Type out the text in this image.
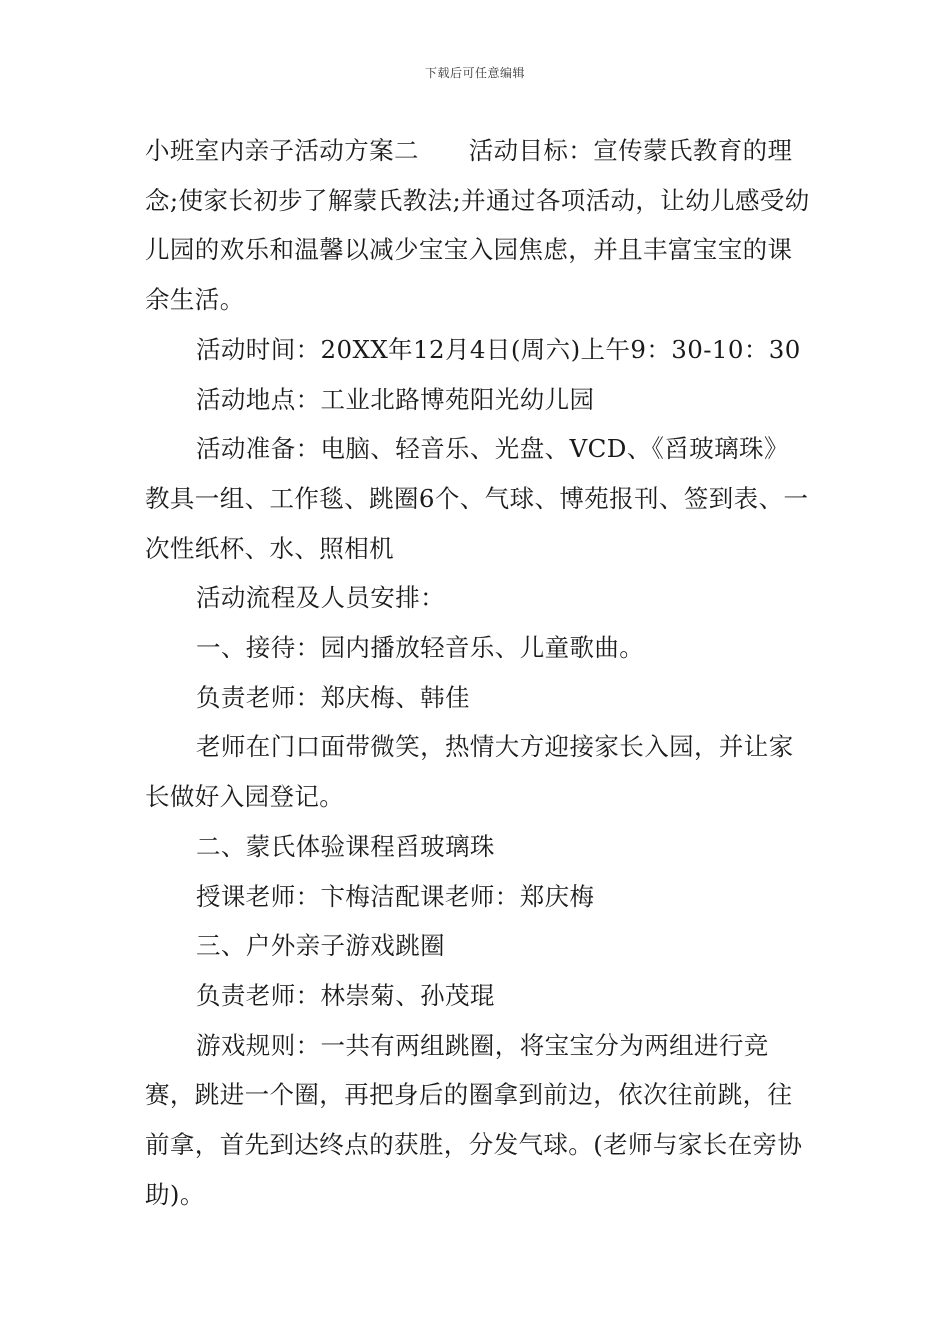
下载后可任意编辑

小班室内亲子活动方案二　　活动目标：宣传蒙氏教育的理念;使家长初步了解蒙氏教法;并通过各项活动，让幼儿感受幼儿园的欢乐和温馨以减少宝宝入园焦虑，并且丰富宝宝的课余生活。

活动时间：20XX年12月4日(周六)上午9：30-10：30

活动地点：工业北路博苑阳光幼儿园

活动准备：电脑、轻音乐、光盘、VCD、《舀玻璃珠》教具一组、工作毯、跳圈6个、气球、博苑报刊、签到表、一次性纸杯、水、照相机

活动流程及人员安排：

一、接待：园内播放轻音乐、儿童歌曲。

负责老师：郑庆梅、韩佳

老师在门口面带微笑，热情大方迎接家长入园，并让家长做好入园登记。

二、蒙氏体验课程舀玻璃珠

授课老师：卞梅洁配课老师：郑庆梅

三、户外亲子游戏跳圈

负责老师：林崇菊、孙茂琨

游戏规则：一共有两组跳圈，将宝宝分为两组进行竞赛，跳进一个圈，再把身后的圈拿到前边，依次往前跳，往前拿，首先到达终点的获胜，分发气球。(老师与家长在旁协助)。
